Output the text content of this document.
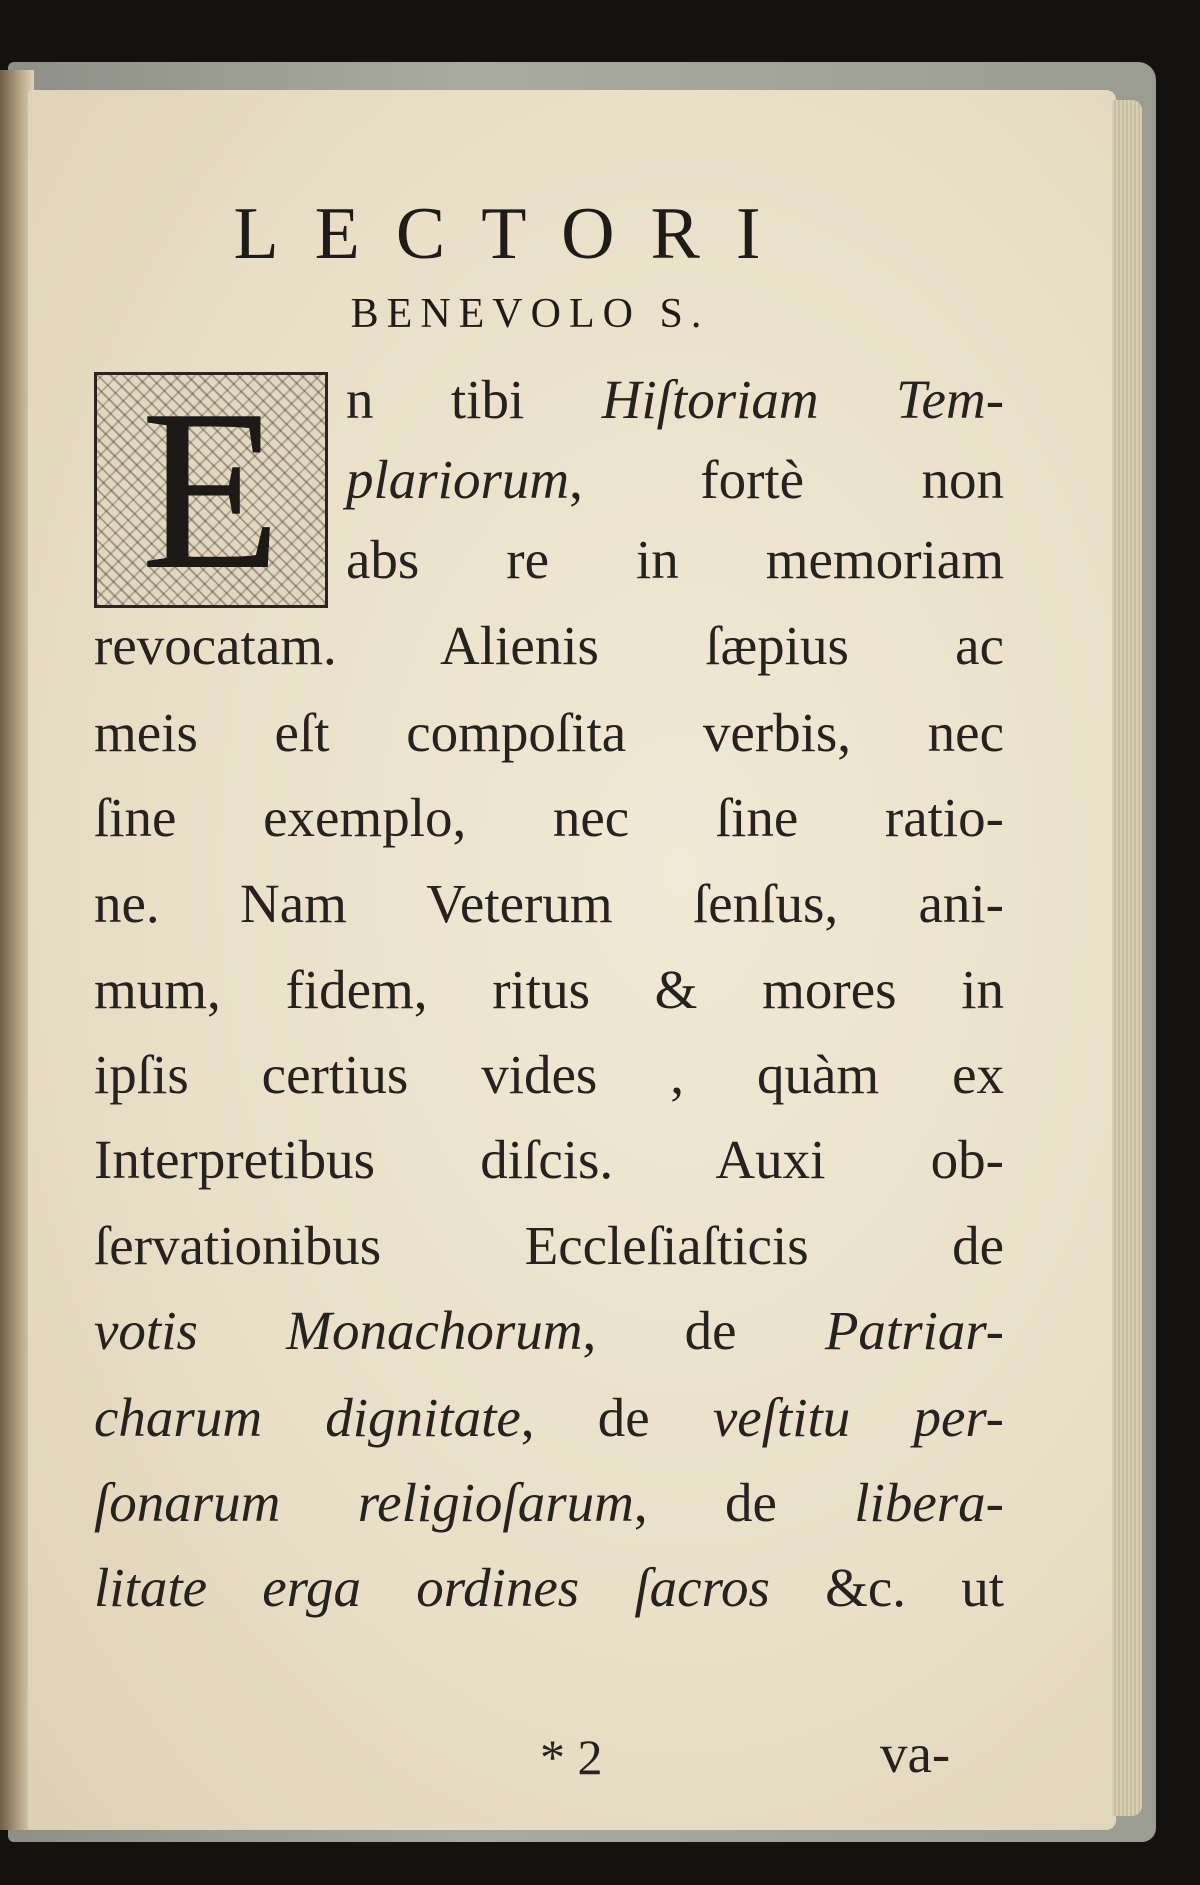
LECTORI
BENEVOLO S.
E	n tibi Hiſtoriam Tem-
plariorum, fortè non
abs re in memoriam
revocatam. Alienis ſæpius ac
meis eſt compoſita verbis, nec
ſine exemplo, nec ſine ratio-
ne. Nam Veterum ſenſus, ani-
mum, fidem, ritus & mores in
ipſis certius vides , quàm ex
Interpretibus diſcis. Auxi ob-
ſervationibus Eccleſiaſticis de
votis Monachorum, de Patriar-
charum dignitate, de veſtitu per-
ſonarum religioſarum, de libera-
litate erga ordines ſacros &c. ut
* 2	va-
